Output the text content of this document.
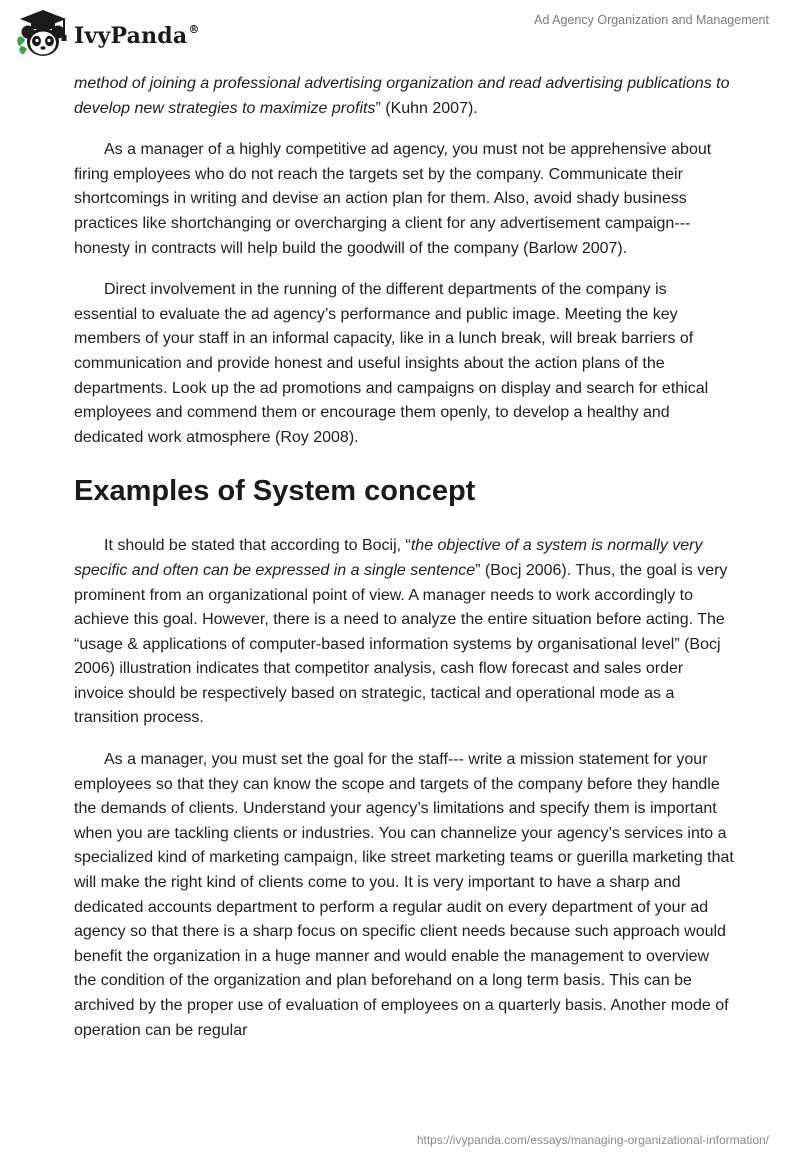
IvyPanda®
Ad Agency Organization and Management

method of joining a professional advertising organization and read advertising publications to develop new strategies to maximize profits” (Kuhn 2007).

As a manager of a highly competitive ad agency, you must not be apprehensive about firing employees who do not reach the targets set by the company. Communicate their shortcomings in writing and devise an action plan for them. Also, avoid shady business practices like shortchanging or overcharging a client for any advertisement campaign--- honesty in contracts will help build the goodwill of the company (Barlow 2007).

Direct involvement in the running of the different departments of the company is essential to evaluate the ad agency’s performance and public image. Meeting the key members of your staff in an informal capacity, like in a lunch break, will break barriers of communication and provide honest and useful insights about the action plans of the departments. Look up the ad promotions and campaigns on display and search for ethical employees and commend them or encourage them openly, to develop a healthy and dedicated work atmosphere (Roy 2008).

Examples of System concept

It should be stated that according to Bocij, “the objective of a system is normally very specific and often can be expressed in a single sentence” (Bocj 2006). Thus, the goal is very prominent from an organizational point of view. A manager needs to work accordingly to achieve this goal. However, there is a need to analyze the entire situation before acting. The “usage & applications of computer-based information systems by organisational level” (Bocj 2006) illustration indicates that competitor analysis, cash flow forecast and sales order invoice should be respectively based on strategic, tactical and operational mode as a transition process.

As a manager, you must set the goal for the staff--- write a mission statement for your employees so that they can know the scope and targets of the company before they handle the demands of clients. Understand your agency’s limitations and specify them is important when you are tackling clients or industries. You can channelize your agency’s services into a specialized kind of marketing campaign, like street marketing teams or guerilla marketing that will make the right kind of clients come to you. It is very important to have a sharp and dedicated accounts department to perform a regular audit on every department of your ad agency so that there is a sharp focus on specific client needs because such approach would benefit the organization in a huge manner and would enable the management to overview the condition of the organization and plan beforehand on a long term basis. This can be archived by the proper use of evaluation of employees on a quarterly basis. Another mode of operation can be regular

https://ivypanda.com/essays/managing-organizational-information/
